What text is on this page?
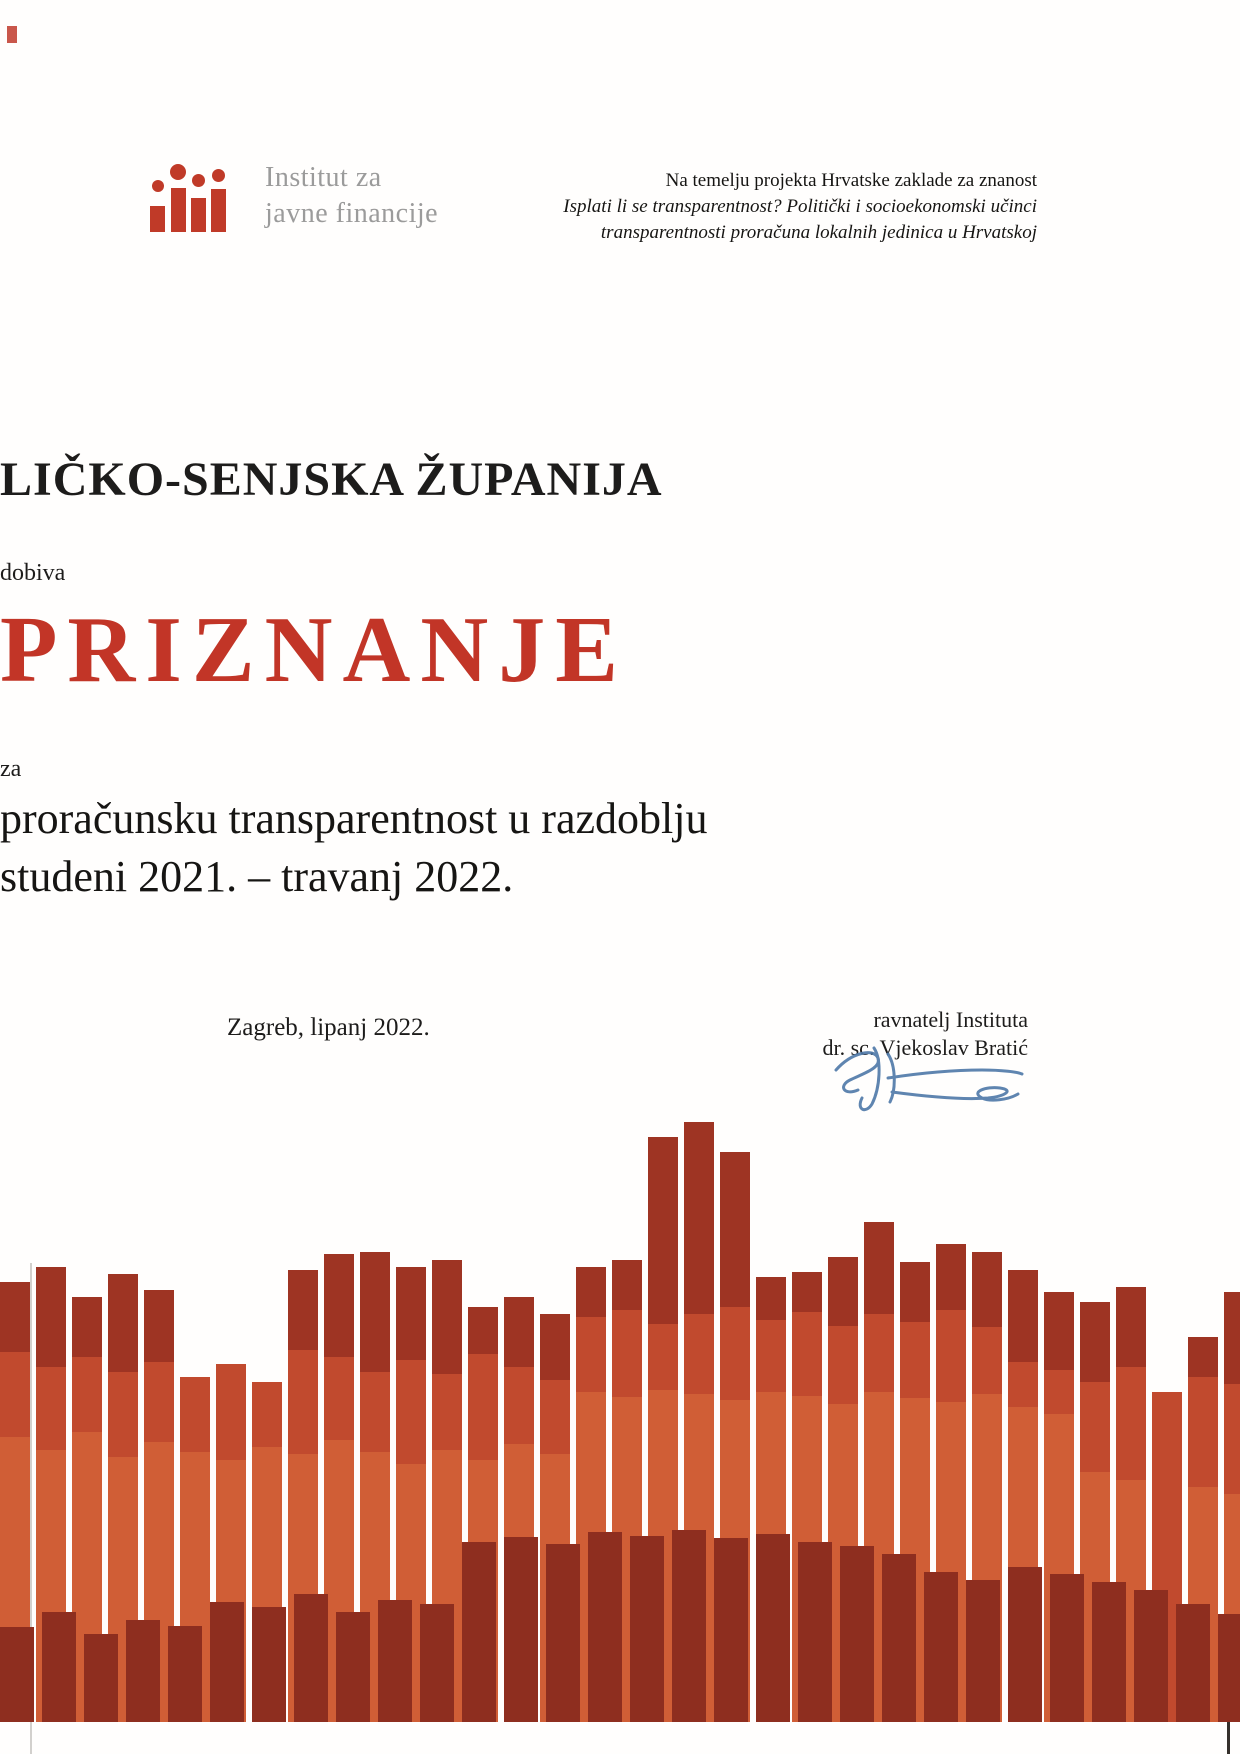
Institut za
javne financije
Na temelju projekta Hrvatske zaklade za znanost
Isplati li se transparentnost? Politički i socioekonomski učinci
transparentnosti proračuna lokalnih jedinica u Hrvatskoj
LIČKO-SENJSKA ŽUPANIJA
dobiva
PRIZNANJE
za
proračunsku transparentnost u razdoblju
studeni 2021. – travanj 2022.
Zagreb, lipanj 2022.	ravnatelj Instituta
dr. sc. Vjekoslav Bratić
